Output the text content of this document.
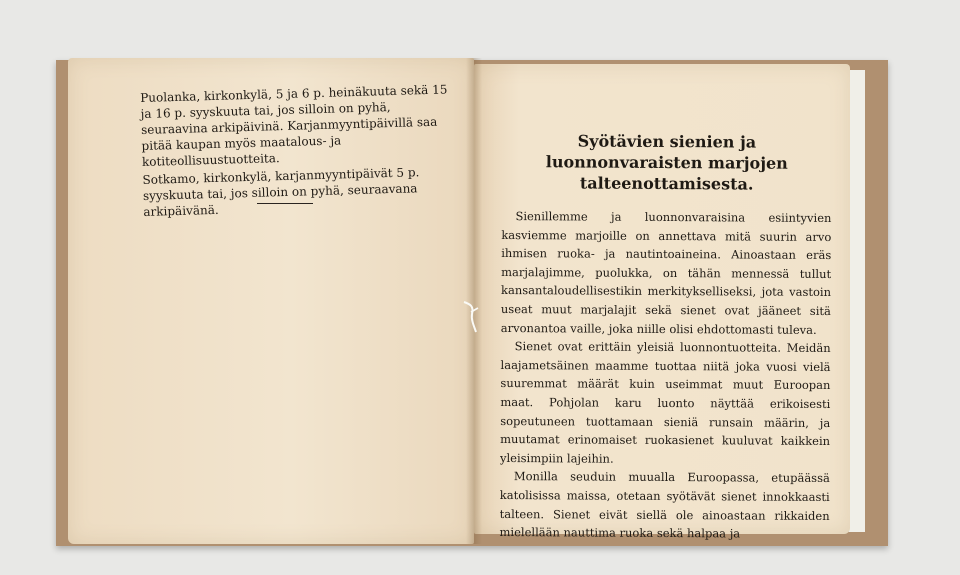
Puolanka, kirkonkylä, 5 ja 6 p. heinäkuuta sekä 15 ja 16 p. syyskuuta tai, jos silloin on pyhä, seuraavina arkipäivinä. Karjanmyyntipäivillä saa pitää kaupan myös maatalous- ja kotiteollisuustuotteita.

Sotkamo, kirkonkylä, karjanmyyntipäivät 5 p. syyskuuta tai, jos silloin on pyhä, seuraavana arkipäivänä.

Syötävien sienien ja luonnonvaraisten marjojen talteenottamisesta.

Sienillemme ja luonnonvaraisina esiintyvien kasviemme marjoille on annettava mitä suurin arvo ihmisen ruoka- ja nautintoaineina. Ainoastaan eräs marjalajimme, puolukka, on tähän mennessä tullut kansantaloudellisestikin merkitykselliseksi, jota vastoin useat muut marjalajit sekä sienet ovat jääneet sitä arvonantoa vaille, joka niille olisi ehdottomasti tuleva.

Sienet ovat erittäin yleisiä luonnontuotteita. Meidän laajametsäinen maamme tuottaa niitä joka vuosi vielä suuremmat määrät kuin useimmat muut Euroopan maat. Pohjolan karu luonto näyttää erikoisesti sopeutuneen tuottamaan sieniä runsain määrin, ja muutamat erinomaiset ruokasienet kuuluvat kaikkein yleisimpiin lajeihin.

Monilla seuduin muualla Euroopassa, etupäässä katolisissa maissa, otetaan syötävät sienet innokkaasti talteen. Sienet eivät siellä ole ainoastaan rikkaiden mielellään nauttima ruoka sekä halpaa ja
